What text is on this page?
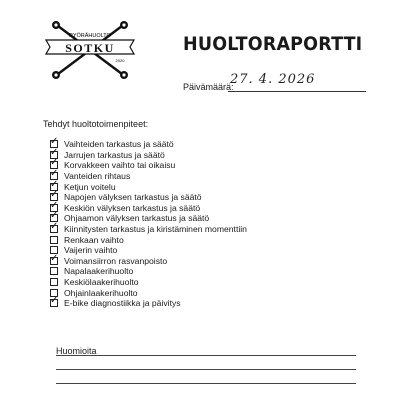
PYÖRÄHUOLTO
SOTKU
2020
HUOLTORAPORTTI
Päivämäärä:
27. 4. 2026
Tehdyt huoltotoimenpiteet:
✓ Vaihteiden tarkastus ja säätö
✓ Jarrujen tarkastus ja säätö
✓ Korvakkeen vaihto tai oikaisu
✓ Vanteiden rihtaus
✓ Ketjun voitelu
✓ Napojen välyksen tarkastus ja säätö
✓ Keskiön välyksen tarkastus ja säätö
✓ Ohjaamon välyksen tarkastus ja säätö
✓ Kiinnitysten tarkastus ja kiristäminen momenttiin
Renkaan vaihto
Vaijerin vaihto
✓ Voimansiirron rasvanpoisto
Napalaakerihuolto
Keskiölaakerihuolto
Ohjainlaakerihuolto
✓ E-bike diagnostiikka ja päivitys
Huomioita
